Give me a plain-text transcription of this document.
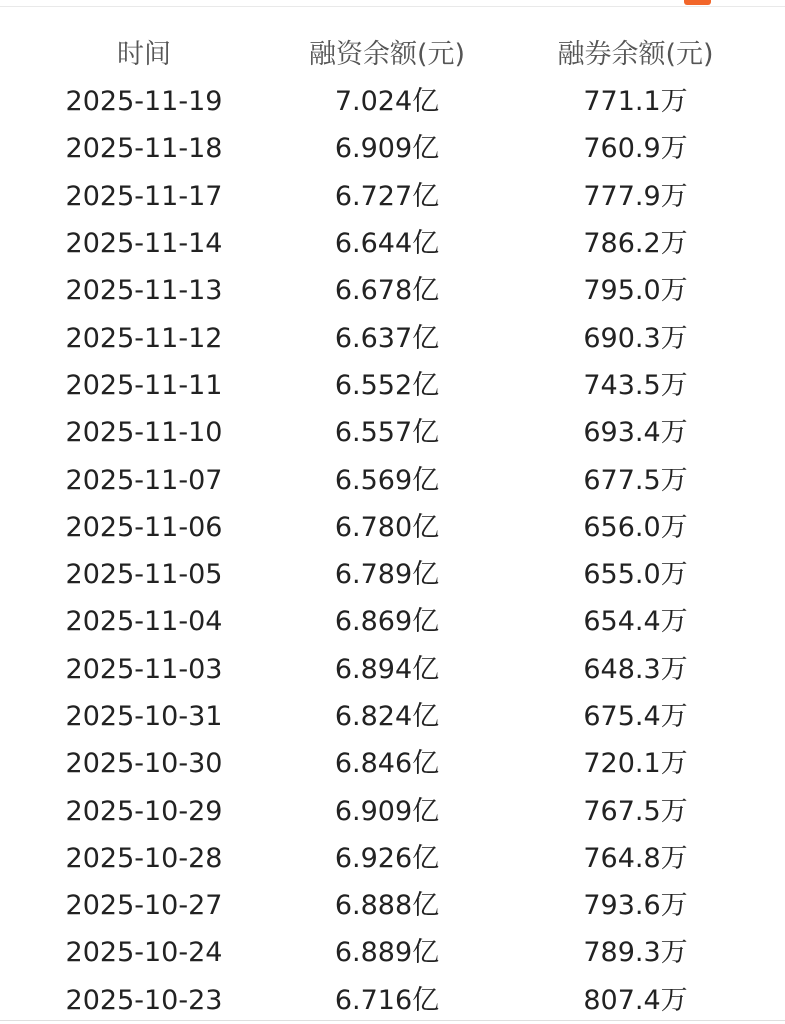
时间	融资余额(元)	融券余额(元)
2025-11-19	7.024亿	771.1万
2025-11-18	6.909亿	760.9万
2025-11-17	6.727亿	777.9万
2025-11-14	6.644亿	786.2万
2025-11-13	6.678亿	795.0万
2025-11-12	6.637亿	690.3万
2025-11-11	6.552亿	743.5万
2025-11-10	6.557亿	693.4万
2025-11-07	6.569亿	677.5万
2025-11-06	6.780亿	656.0万
2025-11-05	6.789亿	655.0万
2025-11-04	6.869亿	654.4万
2025-11-03	6.894亿	648.3万
2025-10-31	6.824亿	675.4万
2025-10-30	6.846亿	720.1万
2025-10-29	6.909亿	767.5万
2025-10-28	6.926亿	764.8万
2025-10-27	6.888亿	793.6万
2025-10-24	6.889亿	789.3万
2025-10-23	6.716亿	807.4万
